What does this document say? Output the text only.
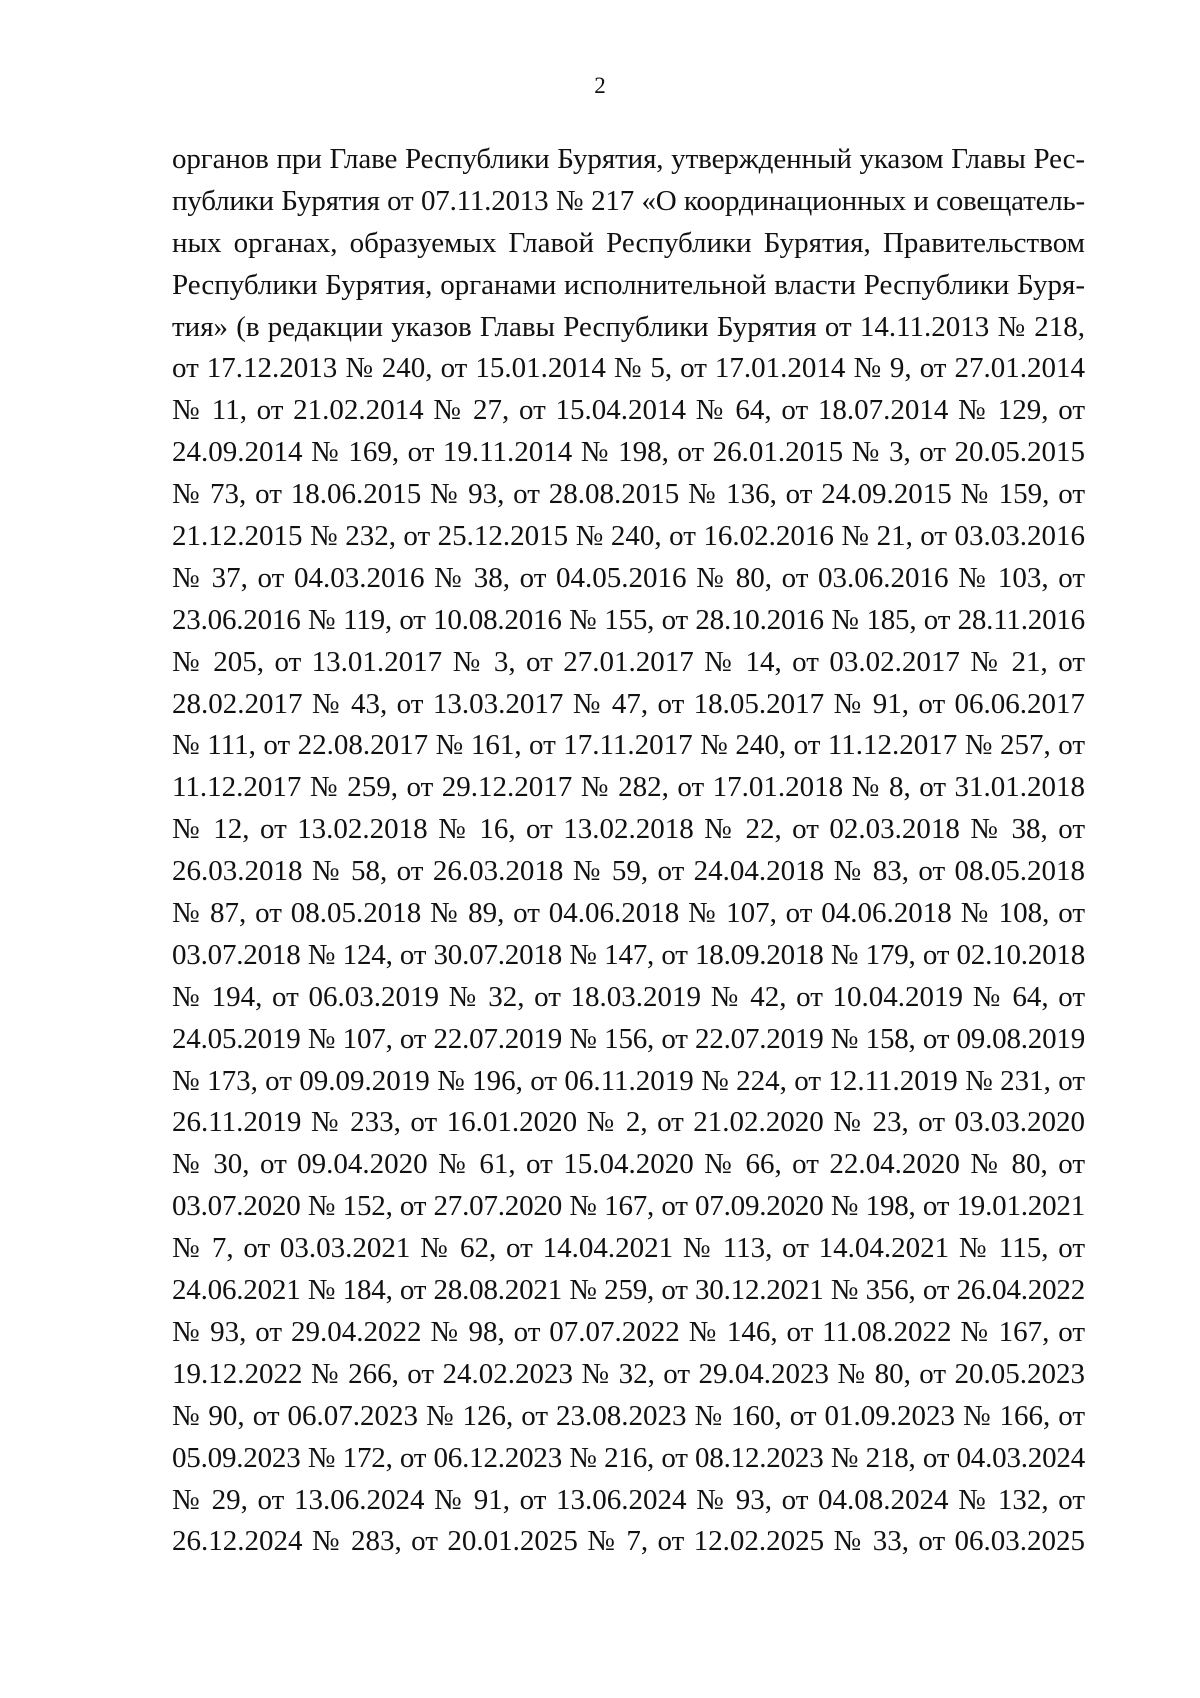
2
органов при Главе Республики Бурятия, утвержденный указом Главы Рес-
публики Бурятия от 07.11.2013 № 217 «О координационных и совещатель-
ных органах, образуемых Главой Республики Бурятия, Правительством
Республики Бурятия, органами исполнительной власти Республики Буря-
тия» (в редакции указов Главы Республики Бурятия от 14.11.2013 № 218,
от 17.12.2013 № 240, от 15.01.2014 № 5, от 17.01.2014 № 9, от 27.01.2014
№ 11, от 21.02.2014 № 27, от 15.04.2014 № 64, от 18.07.2014 № 129, от
24.09.2014 № 169, от 19.11.2014 № 198, от 26.01.2015 № 3, от 20.05.2015
№ 73, от 18.06.2015 № 93, от 28.08.2015 № 136, от 24.09.2015 № 159, от
21.12.2015 № 232, от 25.12.2015 № 240, от 16.02.2016 № 21, от 03.03.2016
№ 37, от 04.03.2016 № 38, от 04.05.2016 № 80, от 03.06.2016 № 103, от
23.06.2016 № 119, от 10.08.2016 № 155, от 28.10.2016 № 185, от 28.11.2016
№ 205, от 13.01.2017 № 3, от 27.01.2017 № 14, от 03.02.2017 № 21, от
28.02.2017 № 43, от 13.03.2017 № 47, от 18.05.2017 № 91, от 06.06.2017
№ 111, от 22.08.2017 № 161, от 17.11.2017 № 240, от 11.12.2017 № 257, от
11.12.2017 № 259, от 29.12.2017 № 282, от 17.01.2018 № 8, от 31.01.2018
№ 12, от 13.02.2018 № 16, от 13.02.2018 № 22, от 02.03.2018 № 38, от
26.03.2018 № 58, от 26.03.2018 № 59, от 24.04.2018 № 83, от 08.05.2018
№ 87, от 08.05.2018 № 89, от 04.06.2018 № 107, от 04.06.2018 № 108, от
03.07.2018 № 124, от 30.07.2018 № 147, от 18.09.2018 № 179, от 02.10.2018
№ 194, от 06.03.2019 № 32, от 18.03.2019 № 42, от 10.04.2019 № 64, от
24.05.2019 № 107, от 22.07.2019 № 156, от 22.07.2019 № 158, от 09.08.2019
№ 173, от 09.09.2019 № 196, от 06.11.2019 № 224, от 12.11.2019 № 231, от
26.11.2019 № 233, от 16.01.2020 № 2, от 21.02.2020 № 23, от 03.03.2020
№ 30, от 09.04.2020 № 61, от 15.04.2020 № 66, от 22.04.2020 № 80, от
03.07.2020 № 152, от 27.07.2020 № 167, от 07.09.2020 № 198, от 19.01.2021
№ 7, от 03.03.2021 № 62, от 14.04.2021 № 113, от 14.04.2021 № 115, от
24.06.2021 № 184, от 28.08.2021 № 259, от 30.12.2021 № 356, от 26.04.2022
№ 93, от 29.04.2022 № 98, от 07.07.2022 № 146, от 11.08.2022 № 167, от
19.12.2022 № 266, от 24.02.2023 № 32, от 29.04.2023 № 80, от 20.05.2023
№ 90, от 06.07.2023 № 126, от 23.08.2023 № 160, от 01.09.2023 № 166, от
05.09.2023 № 172, от 06.12.2023 № 216, от 08.12.2023 № 218, от 04.03.2024
№ 29, от 13.06.2024 № 91, от 13.06.2024 № 93, от 04.08.2024 № 132, от
26.12.2024 № 283, от 20.01.2025 № 7, от 12.02.2025 № 33, от 06.03.2025
